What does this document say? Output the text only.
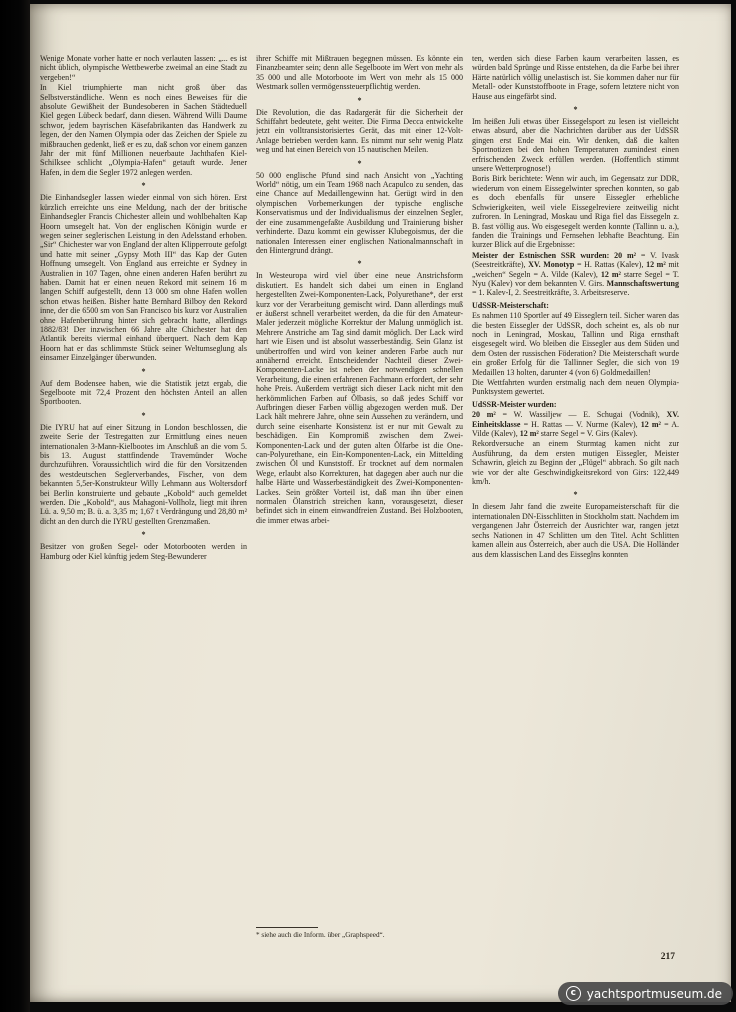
Wenige Monate vorher hatte er noch verlauten lassen: „... es ist nicht üblich, olympische Wettbewerbe zweimal an eine Stadt zu vergeben!“

In Kiel triumphierte man nicht groß über das Selbstverständliche. Wenn es noch eines Beweises für die absolute Gewißheit der Bundesoberen in Sachen Städteduell Kiel gegen Lübeck bedarf, dann diesen. Während Willi Daume schwor, jedem bayrischen Käsefabrikanten das Handwerk zu legen, der den Namen Olympia oder das Zeichen der Spiele zu mißbrauchen gedenkt, ließ er es zu, daß schon vor einem ganzen Jahr der mit fünf Millionen neuerbaute Jachthafen Kiel-Schilksee schlicht „Olympia-Hafen“ getauft wurde. Jener Hafen, in dem die Segler 1972 anlegen werden.

*

Die Einhandsegler lassen wieder einmal von sich hören. Erst kürzlich erreichte uns eine Meldung, nach der der britische Einhandsegler Francis Chichester allein und wohlbehalten Kap Hoorn umsegelt hat. Von der englischen Königin wurde er wegen seiner seglerischen Leistung in den Adelsstand erhoben. „Sir“ Chichester war von England der alten Klipperroute gefolgt und hatte mit seiner „Gypsy Moth III“ das Kap der Guten Hoffnung umsegelt. Von England aus erreichte er Sydney in Australien in 107 Tagen, ohne einen anderen Hafen berührt zu haben. Damit hat er einen neuen Rekord mit seinem 16 m langen Schiff aufgestellt, denn 13 000 sm ohne Hafen wollen schon etwas heißen. Bisher hatte Bernhard Bilboy den Rekord inne, der die 6500 sm von San Francisco bis kurz vor Australien ohne Hafenberührung hinter sich gebracht hatte, allerdings 1882/83! Der inzwischen 66 Jahre alte Chichester hat den Atlantik bereits viermal einhand überquert. Nach dem Kap Hoorn hat er das schlimmste Stück seiner Weltumseglung als einsamer Einzelgänger überwunden.

*

Auf dem Bodensee haben, wie die Statistik jetzt ergab, die Segelboote mit 72,4 Prozent den höchsten Anteil an allen Sportbooten.

*

Die IYRU hat auf einer Sitzung in London beschlossen, die zweite Serie der Testregatten zur Ermittlung eines neuen internationalen 3-Mann-Kielbootes im Anschluß an die vom 5. bis 13. August stattfindende Travemünder Woche durchzuführen. Voraussichtlich wird die für den Vorsitzenden des westdeutschen Seglerverbandes, Fischer, von dem bekannten 5,5er-Konstrukteur Willy Lehmann aus Woltersdorf bei Berlin konstruierte und gebaute „Kobold“ auch gemeldet werden. Die „Kobold“, aus Mahagoni-Vollholz, liegt mit ihren Lü. a. 9,50 m; B. ü. a. 3,35 m; 1,67 t Verdrängung und 28,80 m² dicht an den durch die IYRU gestellten Grenzmaßen.

*

Besitzer von großen Segel- oder Motorbooten werden in Hamburg oder Kiel künftig jedem Steg-Bewunderer

ihrer Schiffe mit Mißtrauen begegnen müssen. Es könnte ein Finanzbeamter sein; denn alle Segelboote im Wert von mehr als 35 000 und alle Motorboote im Wert von mehr als 15 000 Westmark sollen vermögenssteuerpflichtig werden.

*

Die Revolution, die das Radargerät für die Sicherheit der Schiffahrt bedeutete, geht weiter. Die Firma Decca entwickelte jetzt ein volltransistorisiertes Gerät, das mit einer 12-Volt-Anlage betrieben werden kann. Es nimmt nur sehr wenig Platz weg und hat einen Bereich von 15 nautischen Meilen.

*

50 000 englische Pfund sind nach Ansicht von „Yachting World“ nötig, um ein Team 1968 nach Acapulco zu senden, das eine Chance auf Medaillengewinn hat. Gerügt wird in den olympischen Vorbemerkungen der typische englische Konservatismus und der Individualismus der einzelnen Segler, der eine zusammengefaßte Ausbildung und Trainierung bisher verhinderte. Dazu kommt ein gewisser Klubegoismus, der die nationalen Interessen einer englischen Nationalmannschaft in den Hintergrund drängt.

*

In Westeuropa wird viel über eine neue Anstrichsform diskutiert. Es handelt sich dabei um einen in England hergestellten Zwei-Komponenten-Lack, Polyurethane*, der erst kurz vor der Verarbeitung gemischt wird. Dann allerdings muß er äußerst schnell verarbeitet werden, da die für den Amateur-Maler jederzeit mögliche Korrektur der Malung unmöglich ist. Mehrere Anstriche am Tag sind damit möglich. Der Lack wird hart wie Eisen und ist absolut wasserbeständig. Sein Glanz ist unübertroffen und wird von keiner anderen Farbe auch nur annähernd erreicht. Entscheidender Nachteil dieser Zwei-Komponenten-Lacke ist neben der notwendigen schnellen Verarbeitung, die einen erfahrenen Fachmann erfordert, der sehr hohe Preis. Außerdem verträgt sich dieser Lack nicht mit den herkömmlichen Farben auf Ölbasis, so daß jedes Schiff vor Aufbringen dieser Farben völlig abgezogen werden muß. Der Lack hält mehrere Jahre, ohne sein Aussehen zu verändern, und durch seine eisenharte Konsistenz ist er nur mit Gewalt zu beschädigen. Ein Kompromiß zwischen dem Zwei-Komponenten-Lack und der guten alten Ölfarbe ist die One-can-Polyurethane, ein Ein-Komponenten-Lack, ein Mittelding zwischen Öl und Kunststoff. Er trocknet auf dem normalen Wege, erlaubt also Korrekturen, hat dagegen aber auch nur die halbe Härte und Wasserbeständigkeit des Zwei-Komponenten-Lackes. Sein größter Vorteil ist, daß man ihn über einen normalen Ölanstrich streichen kann, vorausgesetzt, dieser befindet sich in einem einwandfreien Zustand. Bei Holzbooten, die immer etwas arbei-

* siehe auch die Inform. über „Graphspeed“.

ten, werden sich diese Farben kaum verarbeiten lassen, es würden bald Sprünge und Risse entstehen, da die Farbe bei ihrer Härte natürlich völlig unelastisch ist. Sie kommen daher nur für Metall- oder Kunststoffboote in Frage, sofern letztere nicht von Hause aus eingefärbt sind.

*

Im heißen Juli etwas über Eissegelsport zu lesen ist vielleicht etwas absurd, aber die Nachrichten darüber aus der UdSSR gingen erst Ende Mai ein. Wir denken, daß die kalten Sportnotizen bei den hohen Temperaturen zumindest einen erfrischenden Zweck erfüllen werden. (Hoffentlich stimmt unsere Wetterprognose!)

Boris Birk berichtete: Wenn wir auch, im Gegensatz zur DDR, wiederum von einem Eissegelwinter sprechen konnten, so gab es doch ebenfalls für unsere Eissegler erhebliche Schwierigkeiten, weil viele Eissegelreviere zeitweilig nicht zufroren. In Leningrad, Moskau und Riga fiel das Eissegeln z. B. fast völlig aus. Wo eisgesegelt werden konnte (Tallinn u. a.), fanden die Trainings und Fernsehen lebhafte Beachtung. Ein kurzer Blick auf die Ergebnisse:

Meister der Estnischen SSR wurden: 20 m² = V. Ivask (Seestreitkräfte), XV. Monotyp = H. Rattas (Kalev), 12 m² mit „weichen“ Segeln = A. Vilde (Kalev), 12 m² starre Segel = T. Nyu (Kalev) vor dem bekannten V. Girs. Mannschaftswertung = 1. Kalev-I, 2. Seestreitkräfte, 3. Arbeitsreserve.

UdSSR-Meisterschaft:

Es nahmen 110 Sportler auf 49 Eisseglern teil. Sicher waren das die besten Eissegler der UdSSR, doch scheint es, als ob nur noch in Leningrad, Moskau, Tallinn und Riga ernsthaft eisgesegelt wird. Wo bleiben die Eissegler aus dem Süden und dem Osten der russischen Föderation? Die Meisterschaft wurde ein großer Erfolg für die Tallinner Segler, die sich von 19 Medaillen 13 holten, darunter 4 (von 6) Goldmedaillen!

Die Wettfahrten wurden erstmalig nach dem neuen Olympia-Punktsystem gewertet.

UdSSR-Meister wurden:

20 m² = W. Wassiljew — E. Schugai (Vodnik), XV. Einheitsklasse = H. Rattas — V. Nurme (Kalev), 12 m² = A. Vilde (Kalev), 12 m² starre Segel = V. Girs (Kalev).

Rekordversuche an einem Sturmtag kamen nicht zur Ausführung, da dem ersten mutigen Eissegler, Meister Schawrin, gleich zu Beginn der „Flügel“ abbrach. So gilt nach wie vor der alte Geschwindigkeitsrekord von Girs: 122,449 km/h.

*

In diesem Jahr fand die zweite Europameisterschaft für die internationalen DN-Eisschlitten in Stockholm statt. Nachdem im vergangenen Jahr Österreich der Ausrichter war, rangen jetzt sechs Nationen in 47 Schlitten um den Titel. Acht Schlitten kamen allein aus Österreich, aber auch die USA. Die Holländer aus dem klassischen Land des Eisseglns konnten

217
c yachtsportmuseum.de
